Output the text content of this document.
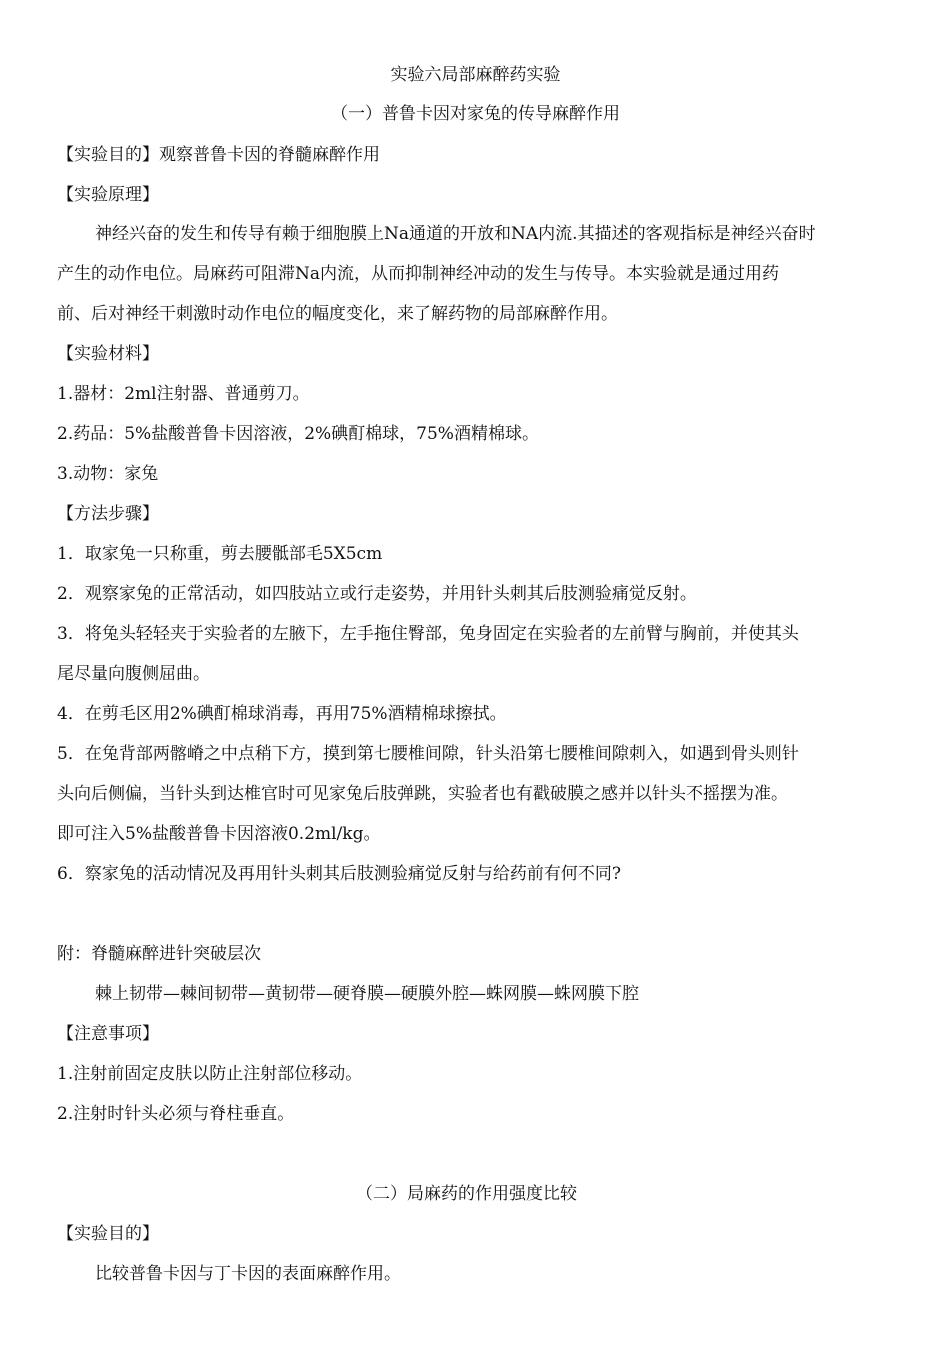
实验六局部麻醉药实验
（一）普鲁卡因对家兔的传导麻醉作用
【实验目的】观察普鲁卡因的脊髓麻醉作用
【实验原理】
神经兴奋的发生和传导有赖于细胞膜上Na通道的开放和NA内流.其描述的客观指标是神经兴奋时
产生的动作电位。局麻药可阻滞Na内流，从而抑制神经冲动的发生与传导。本实验就是通过用药
前、后对神经干刺激时动作电位的幅度变化，来了解药物的局部麻醉作用。
【实验材料】
1.器材：2ml注射器、普通剪刀。
2.药品：5%盐酸普鲁卡因溶液，2%碘酊棉球，75%酒精棉球。
3.动物：家兔
【方法步骤】
1．取家兔一只称重，剪去腰骶部毛5X5cm
2．观察家兔的正常活动，如四肢站立或行走姿势，并用针头刺其后肢测验痛觉反射。
3．将兔头轻轻夹于实验者的左腋下，左手拖住臀部，兔身固定在实验者的左前臂与胸前，并使其头
尾尽量向腹侧屈曲。
4．在剪毛区用2%碘酊棉球消毒，再用75%酒精棉球擦拭。
5．在兔背部两髂嵴之中点稍下方，摸到第七腰椎间隙，针头沿第七腰椎间隙刺入，如遇到骨头则针
头向后侧偏，当针头到达椎官时可见家兔后肢弹跳，实验者也有戳破膜之感并以针头不摇摆为准。
即可注入5%盐酸普鲁卡因溶液0.2ml/kg。
6．察家兔的活动情况及再用针头刺其后肢测验痛觉反射与给药前有何不同?
附：脊髓麻醉进针突破层次
棘上韧带—棘间韧带—黄韧带—硬脊膜—硬膜外腔—蛛网膜—蛛网膜下腔
【注意事项】
1.注射前固定皮肤以防止注射部位移动。
2.注射时针头必须与脊柱垂直。
（二）局麻药的作用强度比较
【实验目的】
比较普鲁卡因与丁卡因的表面麻醉作用。
